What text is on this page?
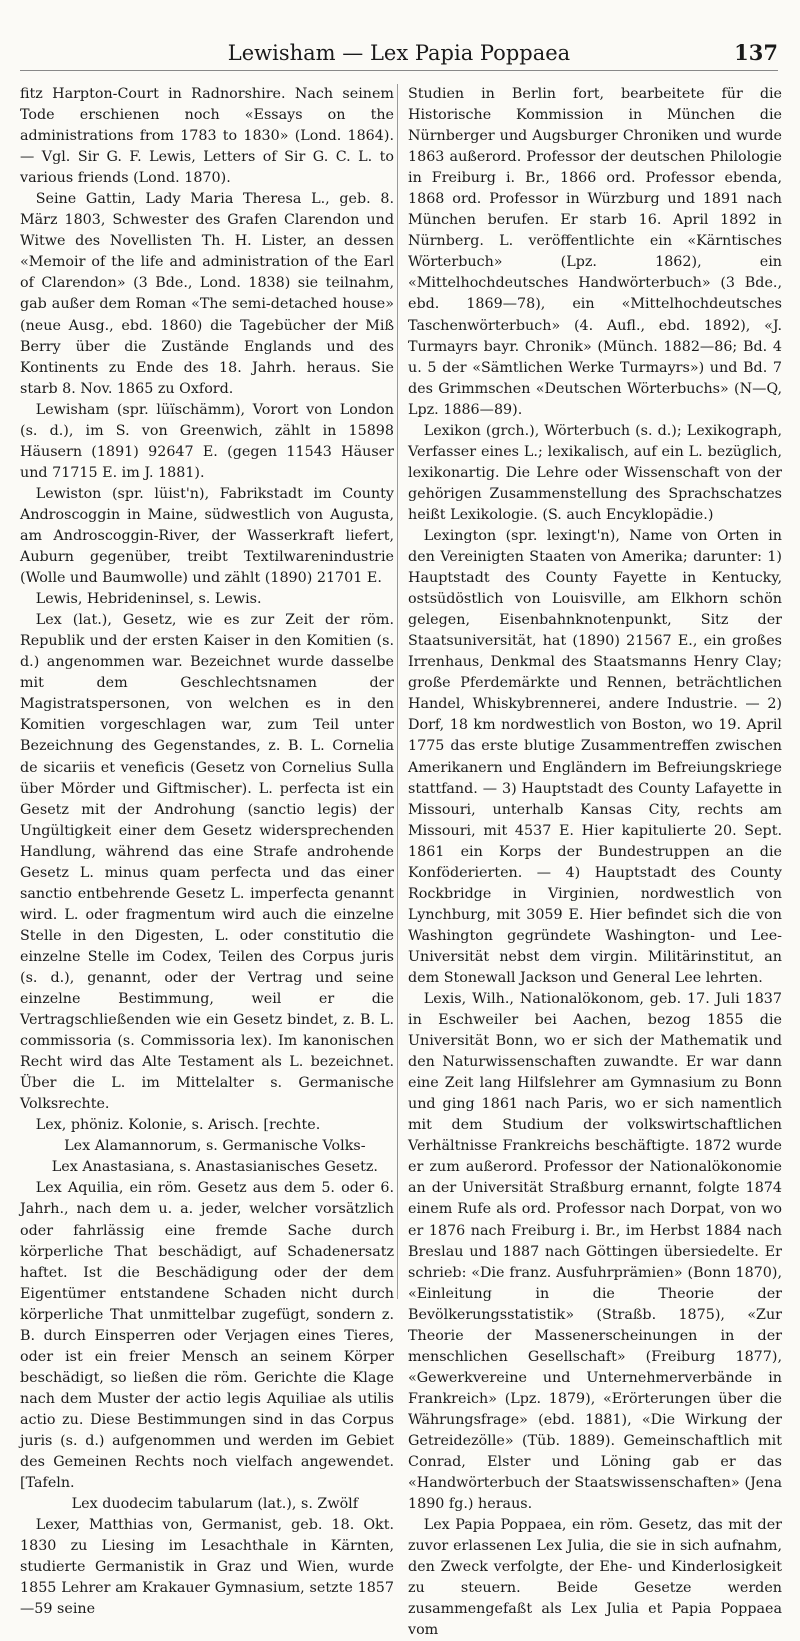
Lewisham — Lex Papia Poppaea	137

fitz Harpton-Court in Radnorshire. Nach seinem Tode erschienen noch «Essays on the administrations from 1783 to 1830» (Lond. 1864). — Vgl. Sir G. F. Lewis, Letters of Sir G. C. L. to various friends (Lond. 1870).

Seine Gattin, Lady Maria Theresa L., geb. 8. März 1803, Schwester des Grafen Clarendon und Witwe des Novellisten Th. H. Lister, an dessen «Memoir of the life and administration of the Earl of Clarendon» (3 Bde., Lond. 1838) sie teilnahm, gab außer dem Roman «The semi-detached house» (neue Ausg., ebd. 1860) die Tagebücher der Miß Berry über die Zustände Englands und des Kontinents zu Ende des 18. Jahrh. heraus. Sie starb 8. Nov. 1865 zu Oxford.

Lewisham (spr. lüïschämm), Vorort von London (s. d.), im S. von Greenwich, zählt in 15898 Häusern (1891) 92647 E. (gegen 11543 Häuser und 71715 E. im J. 1881).

Lewiston (spr. lüist'n), Fabrikstadt im County Androscoggin in Maine, südwestlich von Augusta, am Androscoggin-River, der Wasserkraft liefert, Auburn gegenüber, treibt Textilwarenindustrie (Wolle und Baumwolle) und zählt (1890) 21701 E.

Lewis, Hebrideninsel, s. Lewis.

Lex (lat.), Gesetz, wie es zur Zeit der röm. Republik und der ersten Kaiser in den Komitien (s. d.) angenommen war. Bezeichnet wurde dasselbe mit dem Geschlechtsnamen der Magistratspersonen, von welchen es in den Komitien vorgeschlagen war, zum Teil unter Bezeichnung des Gegenstandes, z. B. L. Cornelia de sicariis et veneficis (Gesetz von Cornelius Sulla über Mörder und Giftmischer). L. perfecta ist ein Gesetz mit der Androhung (sanctio legis) der Ungültigkeit einer dem Gesetz widersprechenden Handlung, während das eine Strafe androhende Gesetz L. minus quam perfecta und das einer sanctio entbehrende Gesetz L. imperfecta genannt wird. L. oder fragmentum wird auch die einzelne Stelle in den Digesten, L. oder constitutio die einzelne Stelle im Codex, Teilen des Corpus juris (s. d.), genannt, oder der Vertrag und seine einzelne Bestimmung, weil er die Vertragschließenden wie ein Gesetz bindet, z. B. L. commissoria (s. Commissoria lex). Im kanonischen Recht wird das Alte Testament als L. bezeichnet. Über die L. im Mittelalter s. Germanische Volksrechte.

Lex, phöniz. Kolonie, s. Arisch. [rechte.

Lex Alamannorum, s. Germanische Volks-

Lex Anastasiana, s. Anastasianisches Gesetz.

Lex Aquilia, ein röm. Gesetz aus dem 5. oder 6. Jahrh., nach dem u. a. jeder, welcher vorsätzlich oder fahrlässig eine fremde Sache durch körperliche That beschädigt, auf Schadenersatz haftet. Ist die Beschädigung oder der dem Eigentümer entstandene Schaden nicht durch körperliche That unmittelbar zugefügt, sondern z. B. durch Einsperren oder Verjagen eines Tieres, oder ist ein freier Mensch an seinem Körper beschädigt, so ließen die röm. Gerichte die Klage nach dem Muster der actio legis Aquiliae als utilis actio zu. Diese Bestimmungen sind in das Corpus juris (s. d.) aufgenommen und werden im Gebiet des Gemeinen Rechts noch vielfach angewendet. [Tafeln.

Lex duodecim tabularum (lat.), s. Zwölf

Lexer, Matthias von, Germanist, geb. 18. Okt. 1830 zu Liesing im Lesachthale in Kärnten, studierte Germanistik in Graz und Wien, wurde 1855 Lehrer am Krakauer Gymnasium, setzte 1857—59 seine

Studien in Berlin fort, bearbeitete für die Historische Kommission in München die Nürnberger und Augsburger Chroniken und wurde 1863 außerord. Professor der deutschen Philologie in Freiburg i. Br., 1866 ord. Professor ebenda, 1868 ord. Professor in Würzburg und 1891 nach München berufen. Er starb 16. April 1892 in Nürnberg. L. veröffentlichte ein «Kärntisches Wörterbuch» (Lpz. 1862), ein «Mittelhochdeutsches Handwörterbuch» (3 Bde., ebd. 1869—78), ein «Mittelhochdeutsches Taschenwörterbuch» (4. Aufl., ebd. 1892), «J. Turmayrs bayr. Chronik» (Münch. 1882—86; Bd. 4 u. 5 der «Sämtlichen Werke Turmayrs») und Bd. 7 des Grimmschen «Deutschen Wörterbuchs» (N—Q, Lpz. 1886—89).

Lexikon (grch.), Wörterbuch (s. d.); Lexikograph, Verfasser eines L.; lexikalisch, auf ein L. bezüglich, lexikonartig. Die Lehre oder Wissenschaft von der gehörigen Zusammenstellung des Sprachschatzes heißt Lexikologie. (S. auch Encyklopädie.)

Lexington (spr. lexingt'n), Name von Orten in den Vereinigten Staaten von Amerika; darunter: 1) Hauptstadt des County Fayette in Kentucky, ostsüdöstlich von Louisville, am Elkhorn schön gelegen, Eisenbahnknotenpunkt, Sitz der Staatsuniversität, hat (1890) 21567 E., ein großes Irrenhaus, Denkmal des Staatsmanns Henry Clay; große Pferdemärkte und Rennen, beträchtlichen Handel, Whiskybrennerei, andere Industrie. — 2) Dorf, 18 km nordwestlich von Boston, wo 19. April 1775 das erste blutige Zusammentreffen zwischen Amerikanern und Engländern im Befreiungskriege stattfand. — 3) Hauptstadt des County Lafayette in Missouri, unterhalb Kansas City, rechts am Missouri, mit 4537 E. Hier kapitulierte 20. Sept. 1861 ein Korps der Bundestruppen an die Konföderierten. — 4) Hauptstadt des County Rockbridge in Virginien, nordwestlich von Lynchburg, mit 3059 E. Hier befindet sich die von Washington gegründete Washington- und Lee-Universität nebst dem virgin. Militärinstitut, an dem Stonewall Jackson und General Lee lehrten.

Lexis, Wilh., Nationalökonom, geb. 17. Juli 1837 in Eschweiler bei Aachen, bezog 1855 die Universität Bonn, wo er sich der Mathematik und den Naturwissenschaften zuwandte. Er war dann eine Zeit lang Hilfslehrer am Gymnasium zu Bonn und ging 1861 nach Paris, wo er sich namentlich mit dem Studium der volkswirtschaftlichen Verhältnisse Frankreichs beschäftigte. 1872 wurde er zum außerord. Professor der Nationalökonomie an der Universität Straßburg ernannt, folgte 1874 einem Rufe als ord. Professor nach Dorpat, von wo er 1876 nach Freiburg i. Br., im Herbst 1884 nach Breslau und 1887 nach Göttingen übersiedelte. Er schrieb: «Die franz. Ausfuhrprämien» (Bonn 1870), «Einleitung in die Theorie der Bevölkerungsstatistik» (Straßb. 1875), «Zur Theorie der Massenerscheinungen in der menschlichen Gesellschaft» (Freiburg 1877), «Gewerkvereine und Unternehmerverbände in Frankreich» (Lpz. 1879), «Erörterungen über die Währungsfrage» (ebd. 1881), «Die Wirkung der Getreidezölle» (Tüb. 1889). Gemeinschaftlich mit Conrad, Elster und Löning gab er das «Handwörterbuch der Staatswissenschaften» (Jena 1890 fg.) heraus.

Lex Papia Poppaea, ein röm. Gesetz, das mit der zuvor erlassenen Lex Julia, die sie in sich aufnahm, den Zweck verfolgte, der Ehe- und Kinderlosigkeit zu steuern. Beide Gesetze werden zusammengefaßt als Lex Julia et Papia Poppaea vom
